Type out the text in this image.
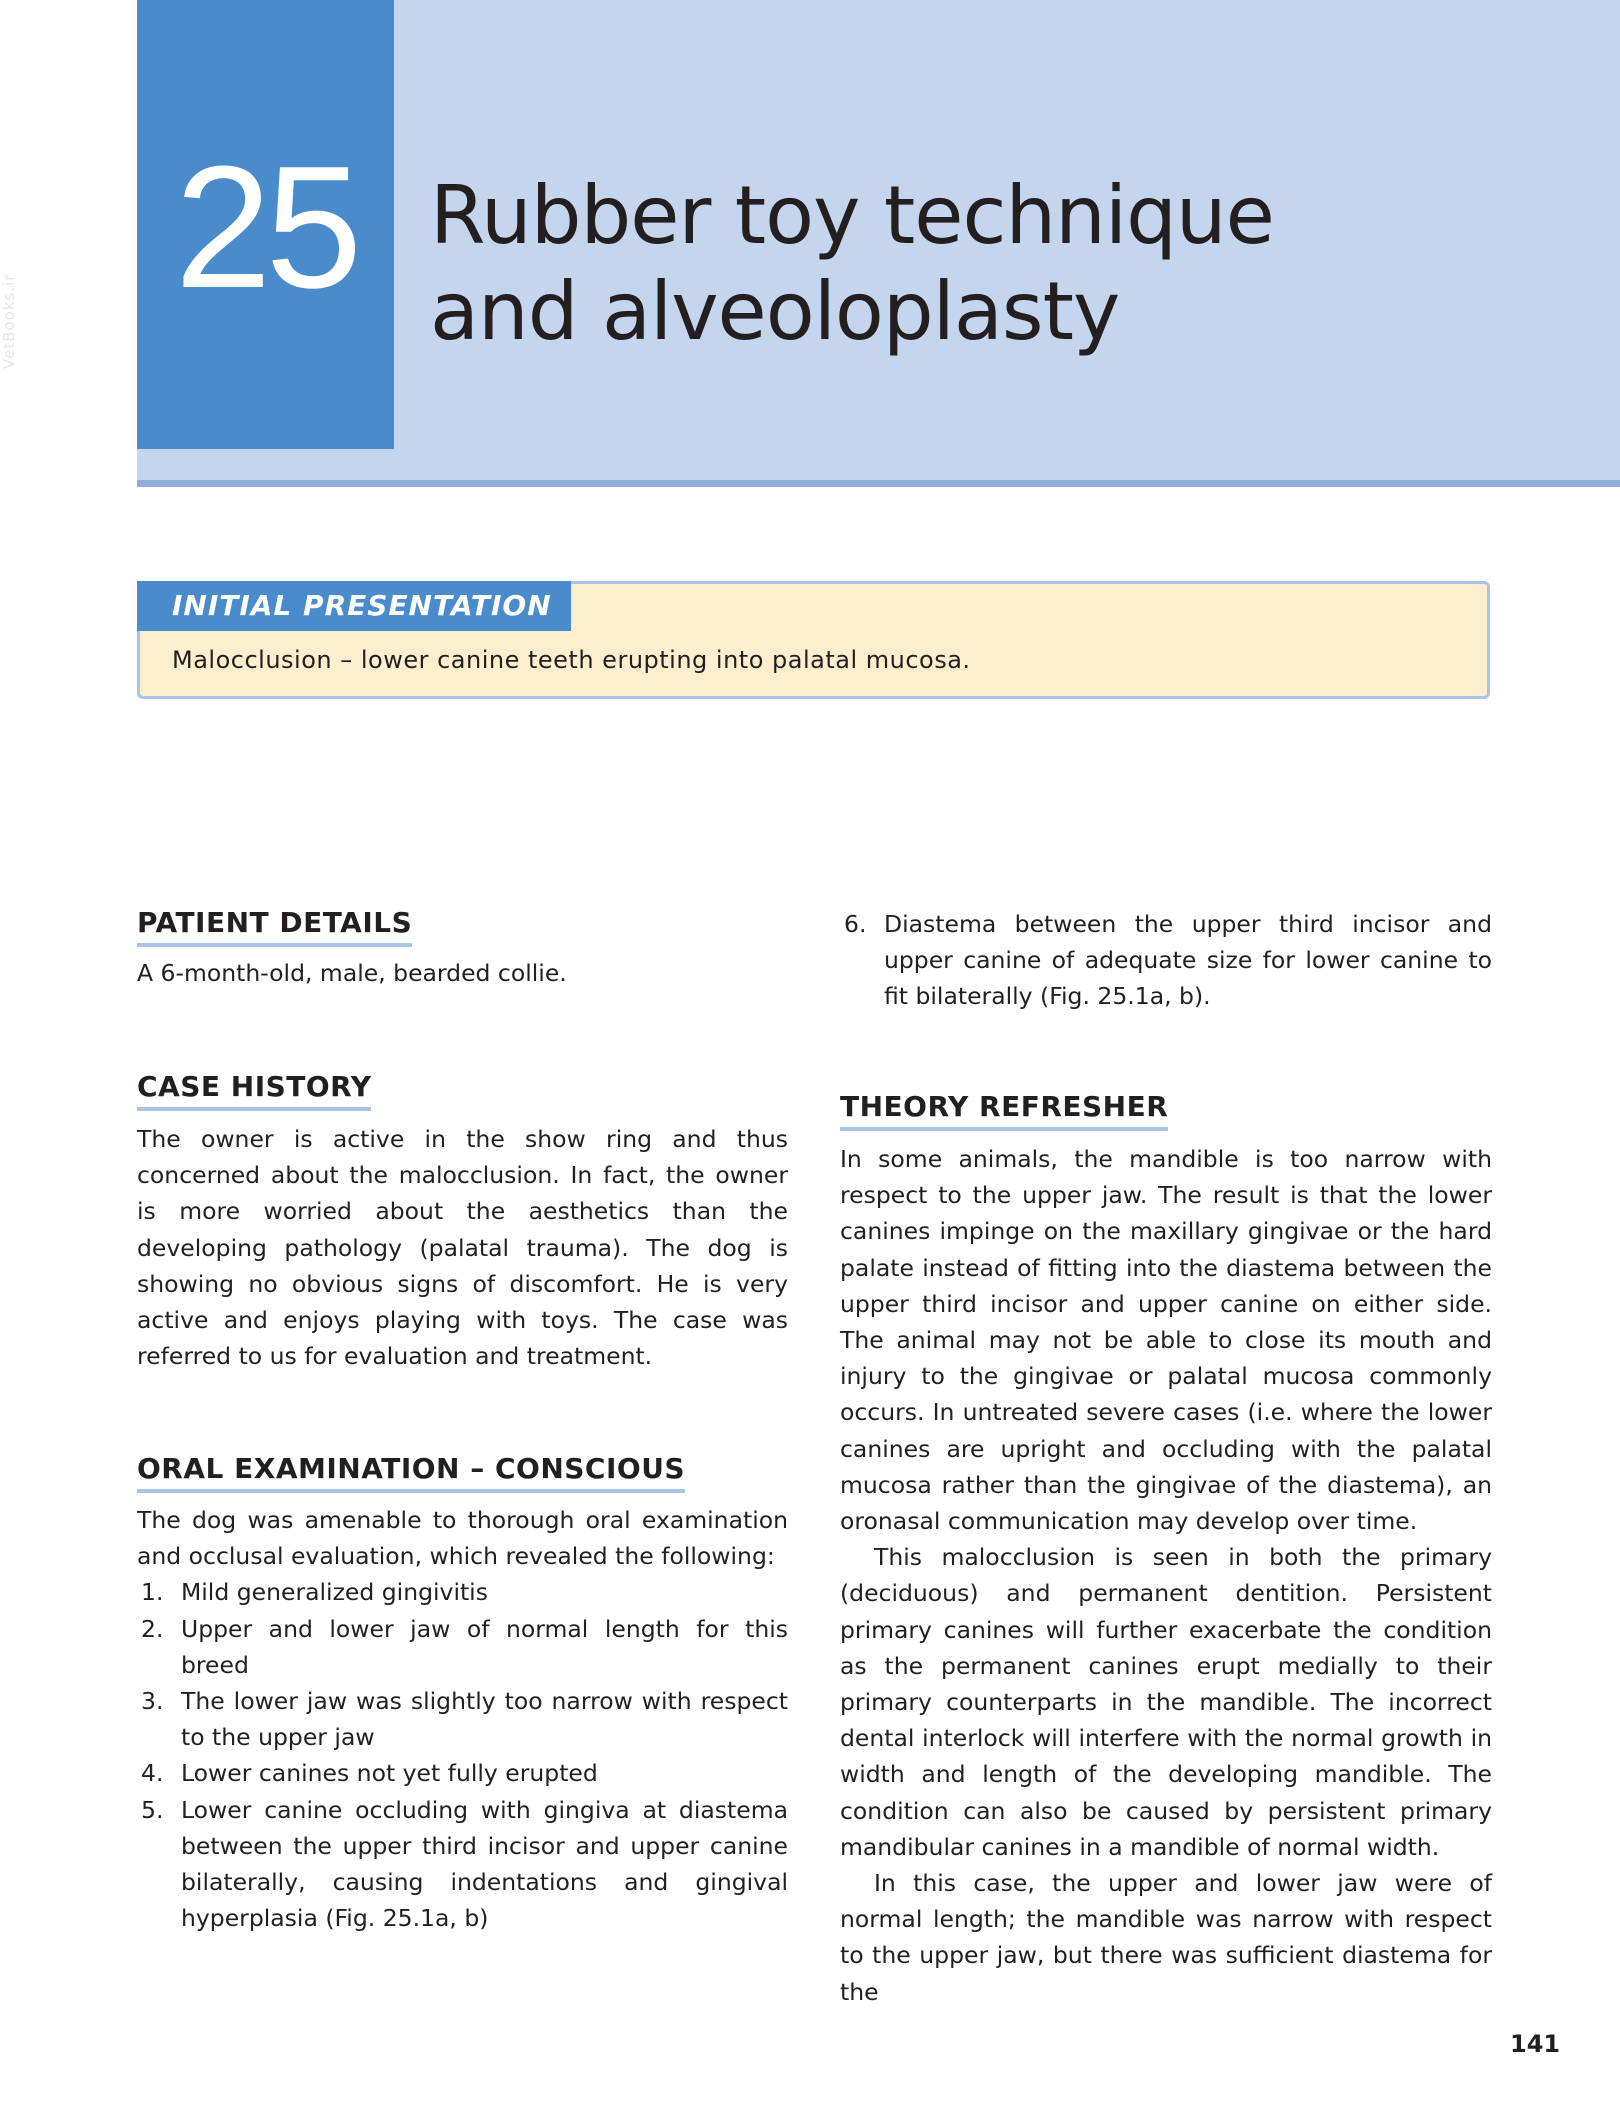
VetBooks.ir 25 Rubber toy technique
and alveoloplasty
INITIAL PRESENTATION
Malocclusion – lower canine teeth erupting into palatal mucosa.
PATIENT DETAILS

A 6-month-old, male, bearded collie.

CASE HISTORY

The owner is active in the show ring and thus concerned about the malocclusion. In fact, the owner is more worried about the aesthetics than the developing pathology (palatal trauma). The dog is showing no obvious signs of discomfort. He is very active and enjoys playing with toys. The case was referred to us for evaluation and treatment.

ORAL EXAMINATION – CONSCIOUS

The dog was amenable to thorough oral examination and occlusal evaluation, which revealed the following:

1. Mild generalized gingivitis
2. Upper and lower jaw of normal length for this breed
3. The lower jaw was slightly too narrow with respect to the upper jaw
4. Lower canines not yet fully erupted
5. Lower canine occluding with gingiva at diastema between the upper third incisor and upper canine bilaterally, causing indentations and gingival hyperplasia (Fig. 25.1a, b)
6. Diastema between the upper third incisor and upper canine of adequate size for lower canine to fit bilaterally (Fig. 25.1a, b).
THEORY REFRESHER

In some animals, the mandible is too narrow with respect to the upper jaw. The result is that the lower canines impinge on the maxillary gingivae or the hard palate instead of fitting into the diastema between the upper third incisor and upper canine on either side. The animal may not be able to close its mouth and injury to the gingivae or palatal mucosa commonly occurs. In untreated severe cases (i.e. where the lower canines are upright and occluding with the palatal mucosa rather than the gingivae of the diastema), an oronasal communication may develop over time.

This malocclusion is seen in both the primary (deciduous) and permanent dentition. Persistent primary canines will further exacerbate the condition as the permanent canines erupt medially to their primary counterparts in the mandible. The incorrect dental interlock will interfere with the normal growth in width and length of the developing mandible. The condition can also be caused by persistent primary mandibular canines in a mandible of normal width.

In this case, the upper and lower jaw were of normal length; the mandible was narrow with respect to the upper jaw, but there was sufficient diastema for the

141
